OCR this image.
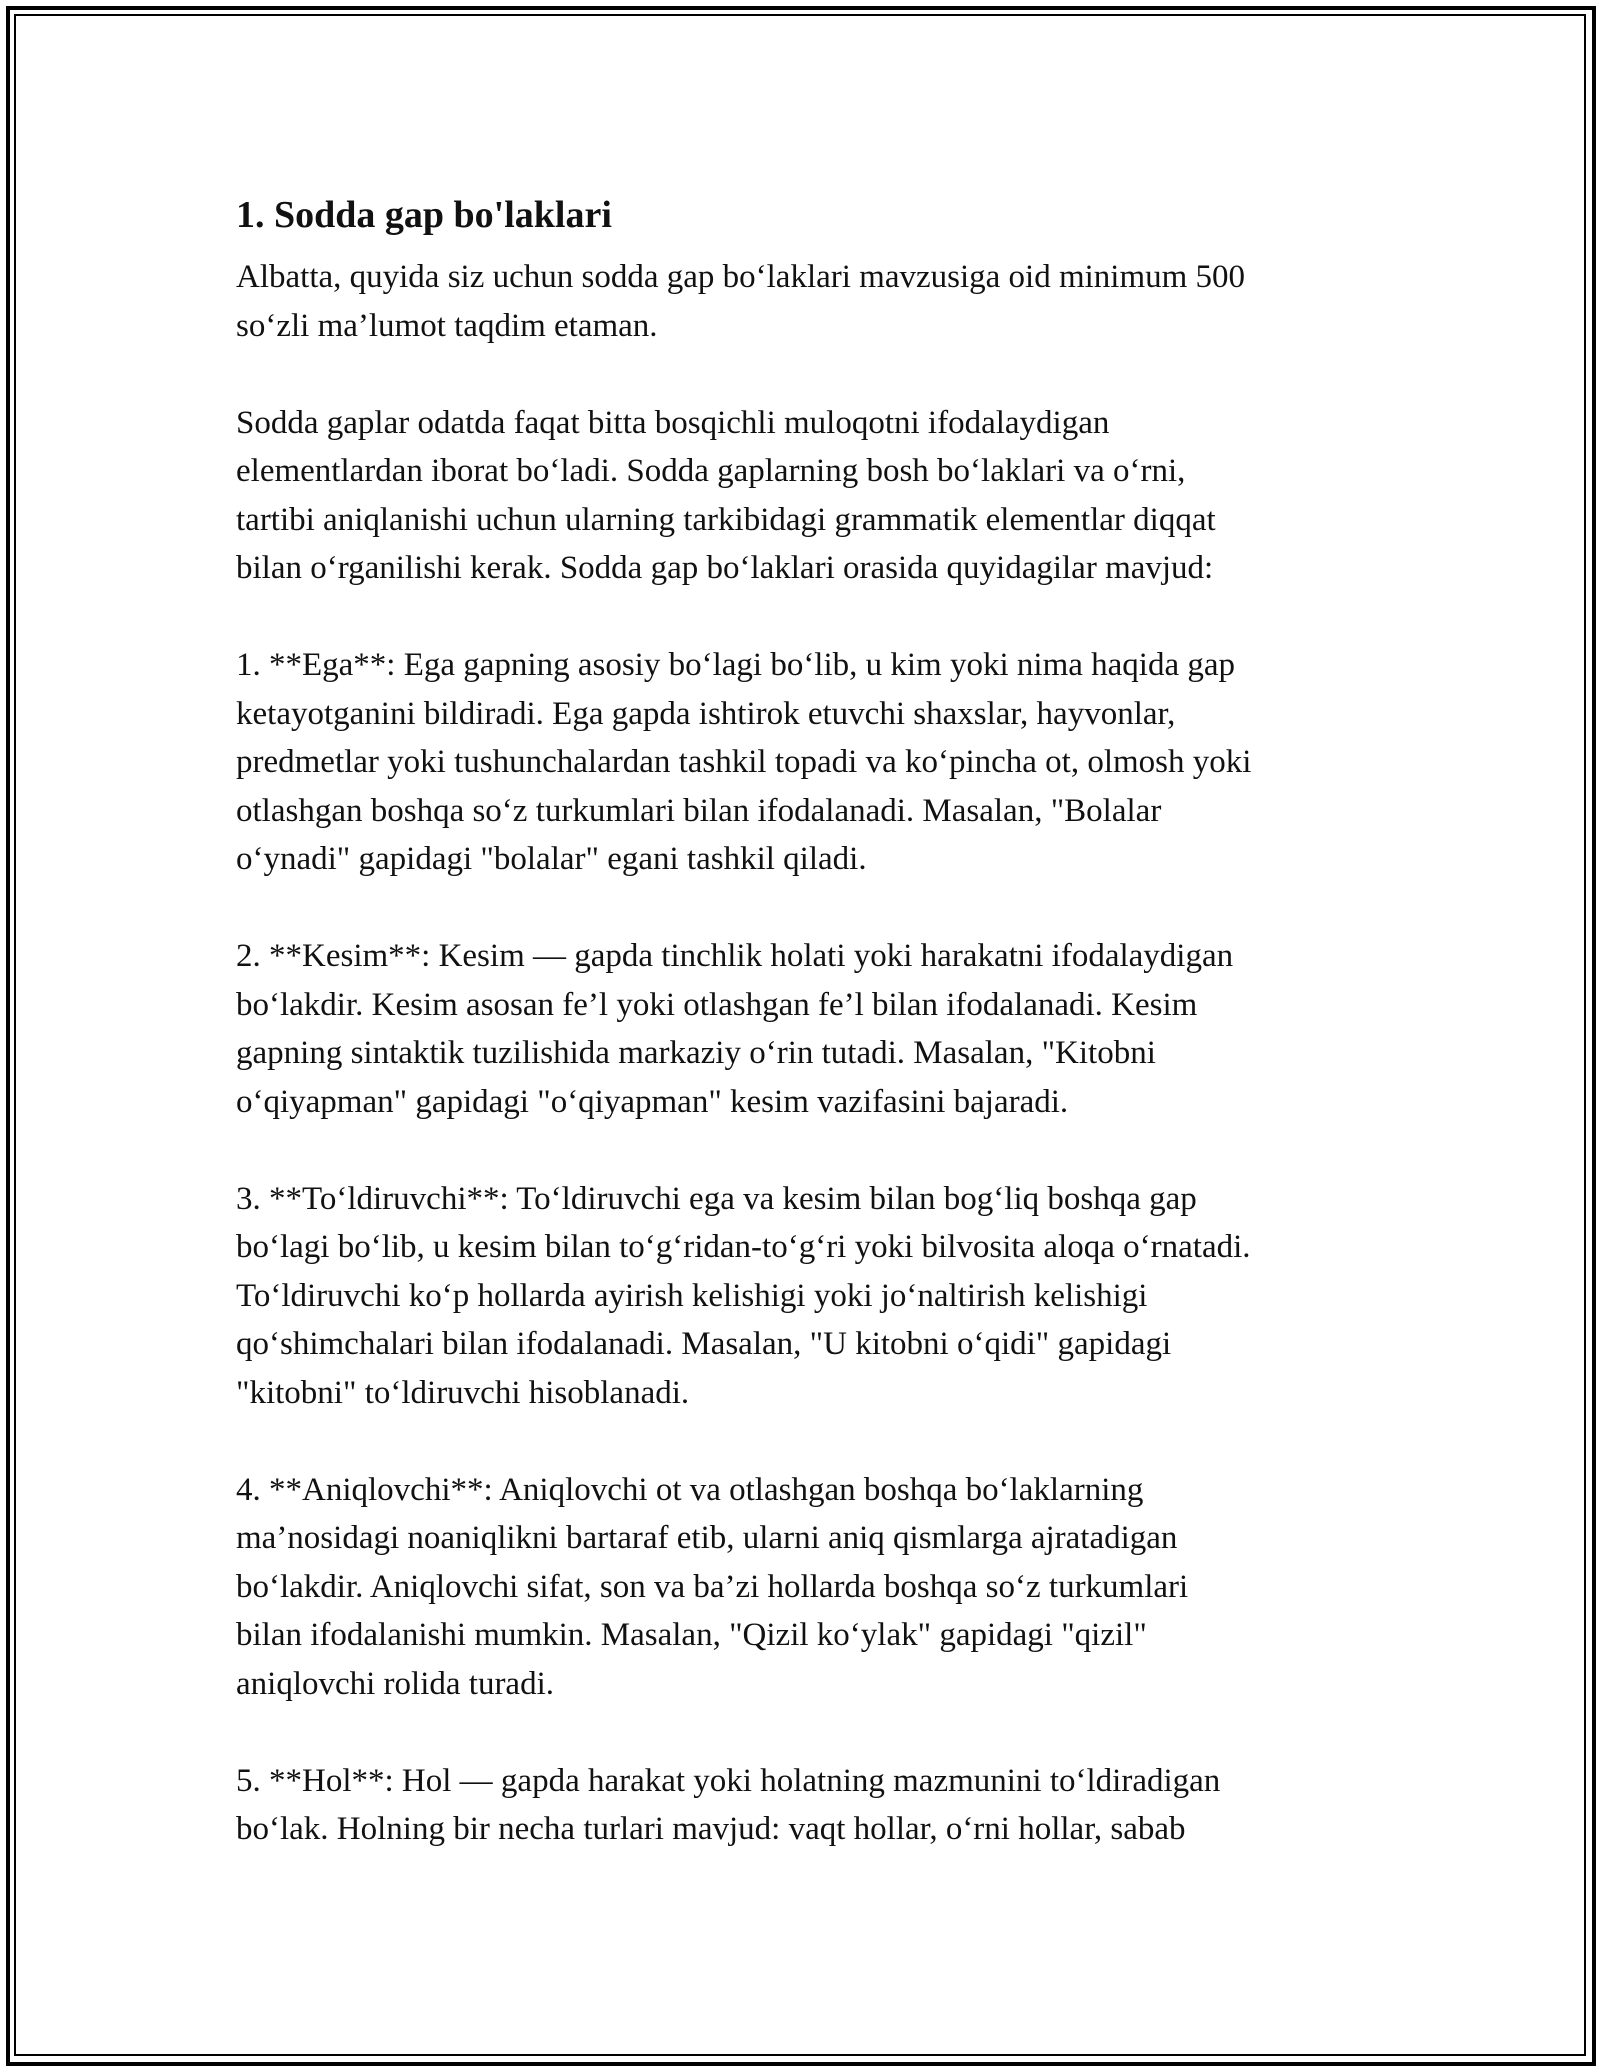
1. Sodda gap bo'laklari
Albatta, quyida siz uchun sodda gap bo‘laklari mavzusiga oid minimum 500
so‘zli ma’lumot taqdim etaman.
Sodda gaplar odatda faqat bitta bosqichli muloqotni ifodalaydigan
elementlardan iborat bo‘ladi. Sodda gaplarning bosh bo‘laklari va o‘rni,
tartibi aniqlanishi uchun ularning tarkibidagi grammatik elementlar diqqat
bilan o‘rganilishi kerak. Sodda gap bo‘laklari orasida quyidagilar mavjud:
1. **Ega**: Ega gapning asosiy bo‘lagi bo‘lib, u kim yoki nima haqida gap
ketayotganini bildiradi. Ega gapda ishtirok etuvchi shaxslar, hayvonlar,
predmetlar yoki tushunchalardan tashkil topadi va ko‘pincha ot, olmosh yoki
otlashgan boshqa so‘z turkumlari bilan ifodalanadi. Masalan, "Bolalar
o‘ynadi" gapidagi "bolalar" egani tashkil qiladi.
2. **Kesim**: Kesim — gapda tinchlik holati yoki harakatni ifodalaydigan
bo‘lakdir. Kesim asosan fe’l yoki otlashgan fe’l bilan ifodalanadi. Kesim
gapning sintaktik tuzilishida markaziy o‘rin tutadi. Masalan, "Kitobni
o‘qiyapman" gapidagi "o‘qiyapman" kesim vazifasini bajaradi.
3. **To‘ldiruvchi**: To‘ldiruvchi ega va kesim bilan bog‘liq boshqa gap
bo‘lagi bo‘lib, u kesim bilan to‘g‘ridan-to‘g‘ri yoki bilvosita aloqa o‘rnatadi.
To‘ldiruvchi ko‘p hollarda ayirish kelishigi yoki jo‘naltirish kelishigi
qo‘shimchalari bilan ifodalanadi. Masalan, "U kitobni o‘qidi" gapidagi
"kitobni" to‘ldiruvchi hisoblanadi.
4. **Aniqlovchi**: Aniqlovchi ot va otlashgan boshqa bo‘laklarning
ma’nosidagi noaniqlikni bartaraf etib, ularni aniq qismlarga ajratadigan
bo‘lakdir. Aniqlovchi sifat, son va ba’zi hollarda boshqa so‘z turkumlari
bilan ifodalanishi mumkin. Masalan, "Qizil ko‘ylak" gapidagi "qizil"
aniqlovchi rolida turadi.
5. **Hol**: Hol — gapda harakat yoki holatning mazmunini to‘ldiradigan
bo‘lak. Holning bir necha turlari mavjud: vaqt hollar, o‘rni hollar, sabab
